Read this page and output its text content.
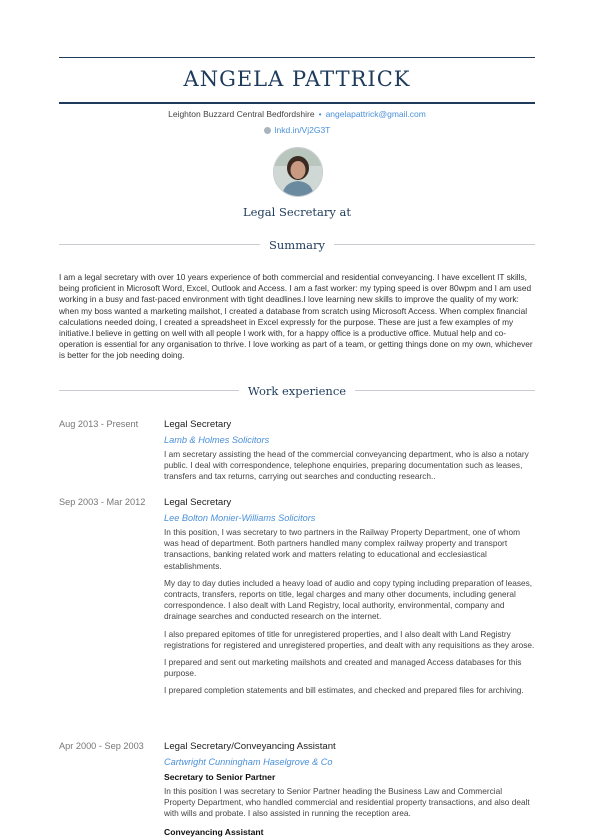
ANGELA PATTRICK
Leighton Buzzard Central Bedfordshire • angelapattrick@gmail.com
lnkd.in/Vj2G3T
Legal Secretary at
Summary
I am a legal secretary with over 10 years experience of both commercial and residential conveyancing. I have excellent IT skills, being proficient in Microsoft Word, Excel, Outlook and Access. I am a fast worker: my typing speed is over 80wpm and I am used working in a busy and fast-paced environment with tight deadlines.I love learning new skills to improve the quality of my work: when my boss wanted a marketing mailshot, I created a database from scratch using Microsoft Access. When complex financial calculations needed doing, I created a spreadsheet in Excel expressly for the purpose. These are just a few examples of my initiative.I believe in getting on well with all people I work with, for a happy office is a productive office. Mutual help and co-operation is essential for any organisation to thrive. I love working as part of a team, or getting things done on my own, whichever is better for the job needing doing.
Work experience
Aug 2013 - Present	Legal Secretary
Lamb & Holmes Solicitors

I am secretary assisting the head of the commercial conveyancing department, who is also a notary public. I deal with correspondence, telephone enquiries, preparing documentation such as leases, transfers and tax returns, carrying out searches and conducting research..

Sep 2003 - Mar 2012 Legal Secretary
Lee Bolton Monier-Williams Solicitors

In this position, I was secretary to two partners in the Railway Property Department, one of whom was head of department. Both partners handled many complex railway property and transport transactions, banking related work and matters relating to educational and ecclesiastical establishments.

My day to day duties included a heavy load of audio and copy typing including preparation of leases, contracts, transfers, reports on title, legal charges and many other documents, including general correspondence. I also dealt with Land Registry, local authority, environmental, company and drainage searches and conducted research on the internet.

I also prepared epitomes of title for unregistered properties, and I also dealt with Land Registry registrations for registered and unregistered properties, and dealt with any requisitions as they arose.

I prepared and sent out marketing mailshots and created and managed Access databases for this purpose.

I prepared completion statements and bill estimates, and checked and prepared files for archiving.

Apr 2000 - Sep 2003 Legal Secretary/Conveyancing Assistant
Cartwright Cunningham Haselgrove & Co
Secretary to Senior Partner

In this position I was secretary to Senior Partner heading the Business Law and Commercial Property Department, who handled commercial and residential property transactions, and also dealt with wills and probate. I also assisted in running the reception area.

Conveyancing Assistant
